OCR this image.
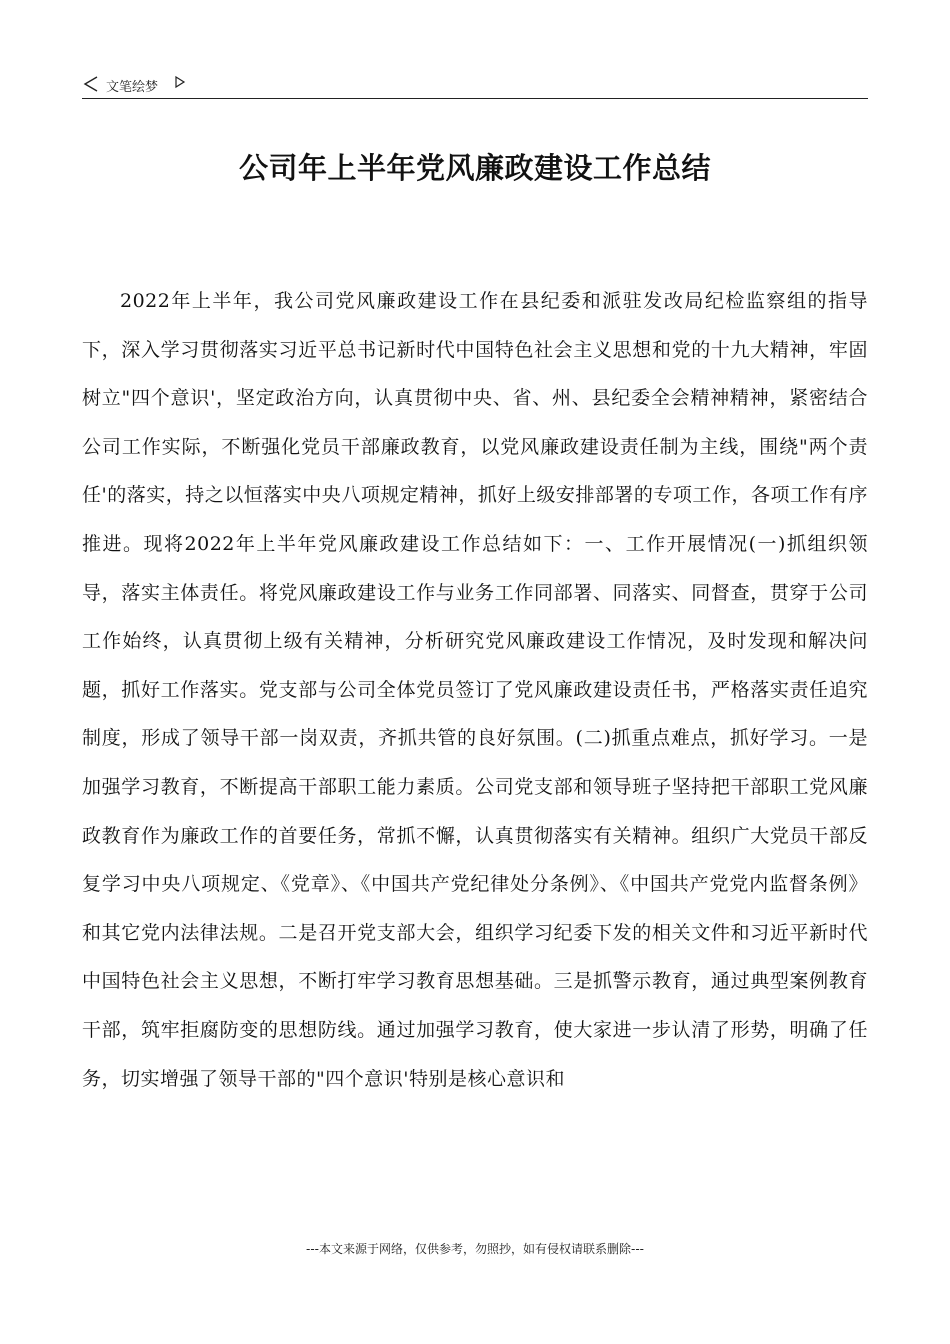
文笔绘梦
公司年上半年党风廉政建设工作总结

2022年上半年，我公司党风廉政建设工作在县纪委和派驻发改局纪检监察组的指导下，深入学习贯彻落实习近平总书记新时代中国特色社会主义思想和党的十九大精神，牢固树立"四个意识'，坚定政治方向，认真贯彻中央、省、州、县纪委全会精神精神，紧密结合公司工作实际，不断强化党员干部廉政教育，以党风廉政建设责任制为主线，围绕"两个责任'的落实，持之以恒落实中央八项规定精神，抓好上级安排部署的专项工作，各项工作有序推进。现将2022年上半年党风廉政建设工作总结如下：一、工作开展情况(一)抓组织领导，落实主体责任。将党风廉政建设工作与业务工作同部署、同落实、同督查，贯穿于公司工作始终，认真贯彻上级有关精神，分析研究党风廉政建设工作情况，及时发现和解决问题，抓好工作落实。党支部与公司全体党员签订了党风廉政建设责任书，严格落实责任追究制度，形成了领导干部一岗双责，齐抓共管的良好氛围。(二)抓重点难点，抓好学习。一是加强学习教育，不断提高干部职工能力素质。公司党支部和领导班子坚持把干部职工党风廉政教育作为廉政工作的首要任务，常抓不懈，认真贯彻落实有关精神。组织广大党员干部反复学习中央八项规定、《党章》、《中国共产党纪律处分条例》、《中国共产党党内监督条例》和其它党内法律法规。二是召开党支部大会，组织学习纪委下发的相关文件和习近平新时代中国特色社会主义思想，不断打牢学习教育思想基础。三是抓警示教育，通过典型案例教育干部，筑牢拒腐防变的思想防线。通过加强学习教育，使大家进一步认清了形势，明确了任务，切实增强了领导干部的"四个意识'特别是核心意识和

---本文来源于网络，仅供参考，勿照抄，如有侵权请联系删除---
